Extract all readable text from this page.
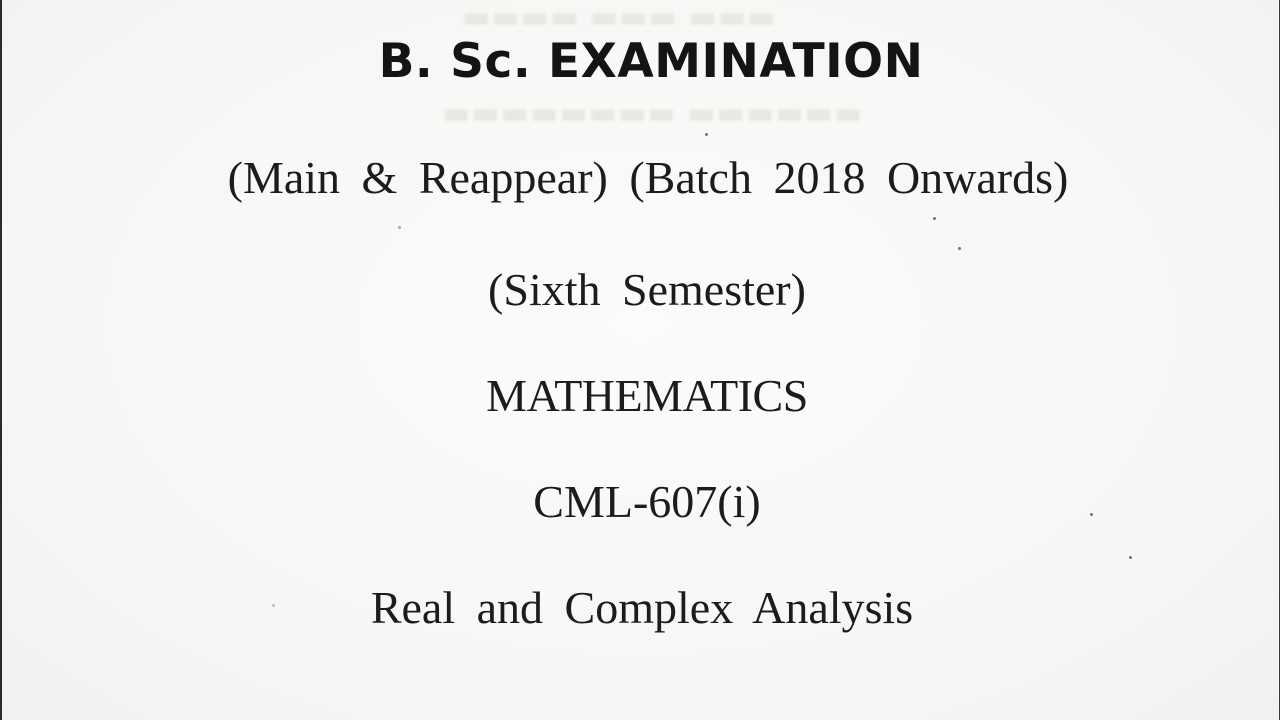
▬▬▬▬ ▬▬▬ ▬▬▬
▬▬▬▬▬▬▬▬ ▬▬▬▬▬▬
B. Sc. EXAMINATION
(Main & Reappear) (Batch 2018 Onwards)
(Sixth Semester)
MATHEMATICS
CML-607(i)
Real and Complex Analysis
